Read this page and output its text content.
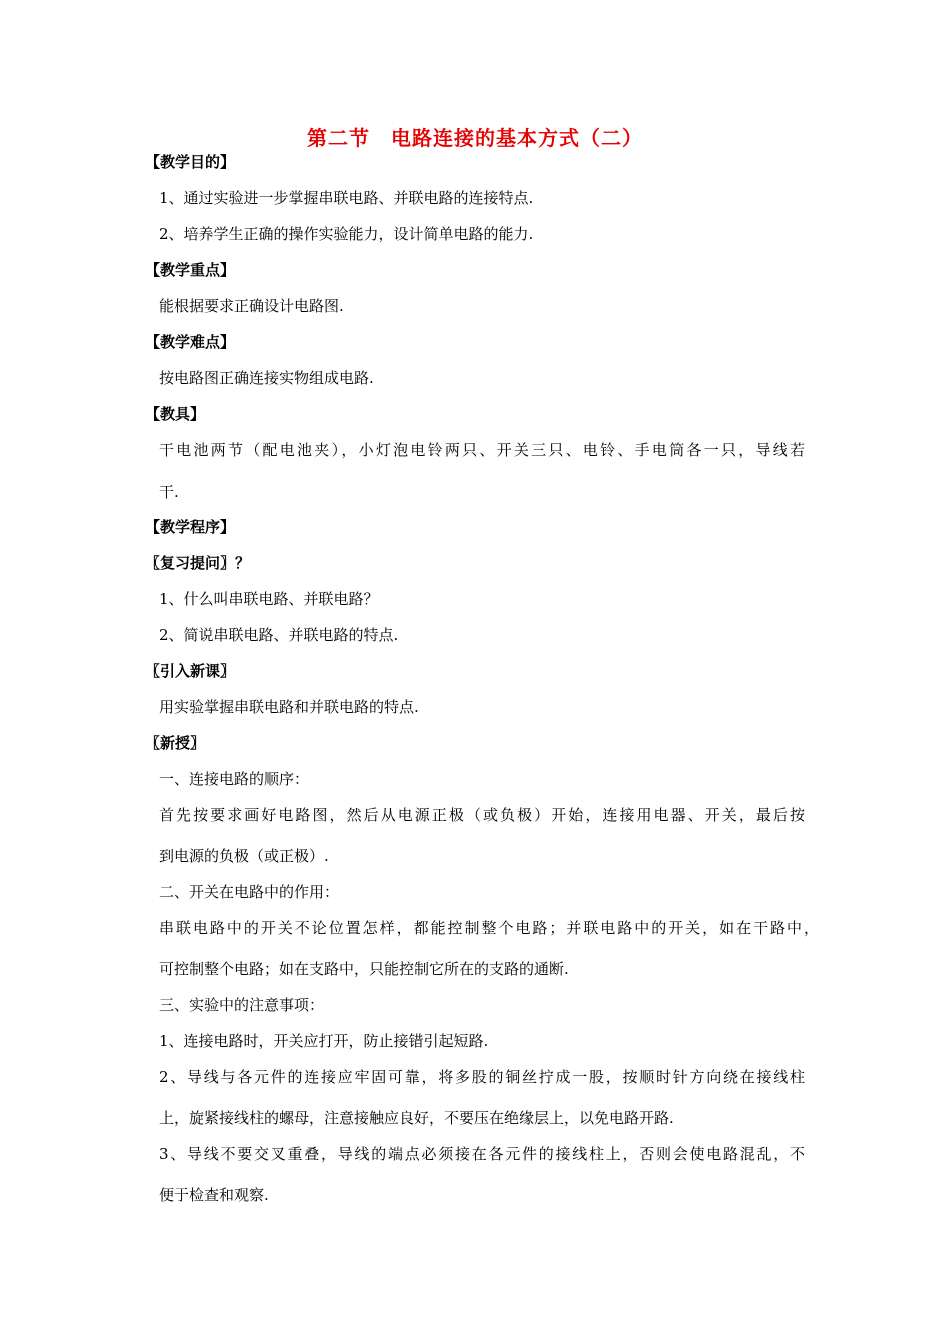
第二节　电路连接的基本方式（二）
【教学目的】
1、通过实验进一步掌握串联电路、并联电路的连接特点.
2、培养学生正确的操作实验能力，设计简单电路的能力.
【教学重点】
能根据要求正确设计电路图.
【教学难点】
按电路图正确连接实物组成电路.
【教具】
干电池两节（配电池夹），小灯泡电铃两只、开关三只、电铃、手电筒各一只，导线若
干.
【教学程序】
〖复习提问〗？
1、什么叫串联电路、并联电路？
2、简说串联电路、并联电路的特点.
〖引入新课〗
用实验掌握串联电路和并联电路的特点.
〖新授〗
一、连接电路的顺序：
首先按要求画好电路图，然后从电源正极（或负极）开始，连接用电器、开关，最后按
到电源的负极（或正极）.
二、开关在电路中的作用：
串联电路中的开关不论位置怎样，都能控制整个电路；并联电路中的开关，如在干路中，
可控制整个电路；如在支路中，只能控制它所在的支路的通断.
三、实验中的注意事项：
1、连接电路时，开关应打开，防止接错引起短路.
2、导线与各元件的连接应牢固可靠，将多股的铜丝拧成一股，按顺时针方向绕在接线柱
上，旋紧接线柱的螺母，注意接触应良好，不要压在绝缘层上，以免电路开路.
3、导线不要交叉重叠，导线的端点必须接在各元件的接线柱上，否则会使电路混乱，不
便于检查和观察.
